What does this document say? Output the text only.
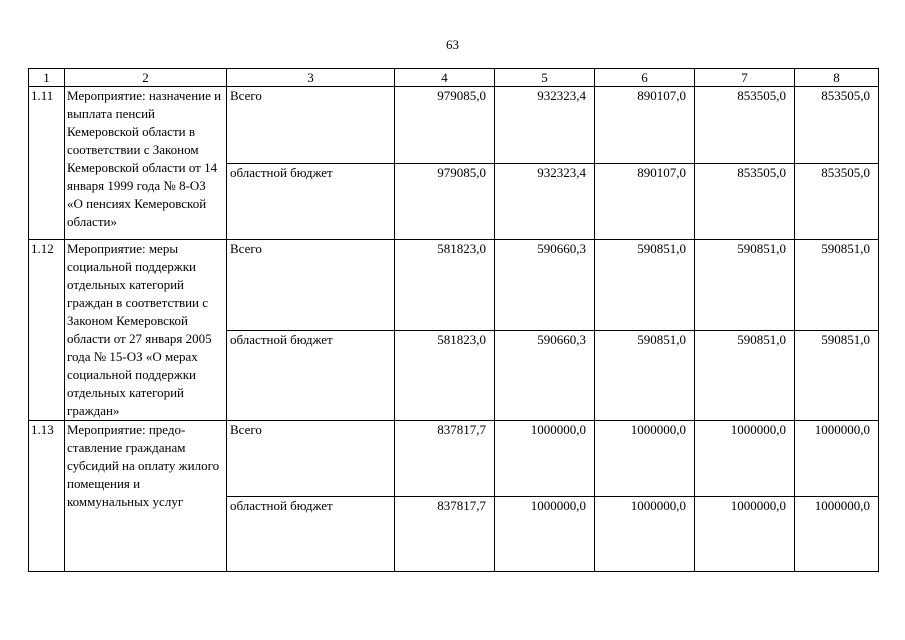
63
1	2	3	4	5	6	7	8
1.11	Мероприятие: назначение и выплата пенсий Кемеровской области в соответствии с Законом Кемеровской области от 14 января 1999 года № 8-ОЗ «О пенсиях Кемеровской области»	Всего	979085,0	932323,4	890107,0	853505,0	853505,0
		областной бюджет	979085,0	932323,4	890107,0	853505,0	853505,0
1.12	Мероприятие: меры социальной поддержки отдельных категорий граждан в соответствии с Законом Кемеровской области от 27 января 2005 года № 15-ОЗ «О мерах социальной поддержки отдельных категорий граждан»	Всего	581823,0	590660,3	590851,0	590851,0	590851,0
		областной бюджет	581823,0	590660,3	590851,0	590851,0	590851,0
1.13	Мероприятие: предо-ставление гражданам субсидий на оплату жилого помещения и коммунальных услуг	Всего	837817,7	1000000,0	1000000,0	1000000,0	1000000,0
		областной бюджет	837817,7	1000000,0	1000000,0	1000000,0	1000000,0
